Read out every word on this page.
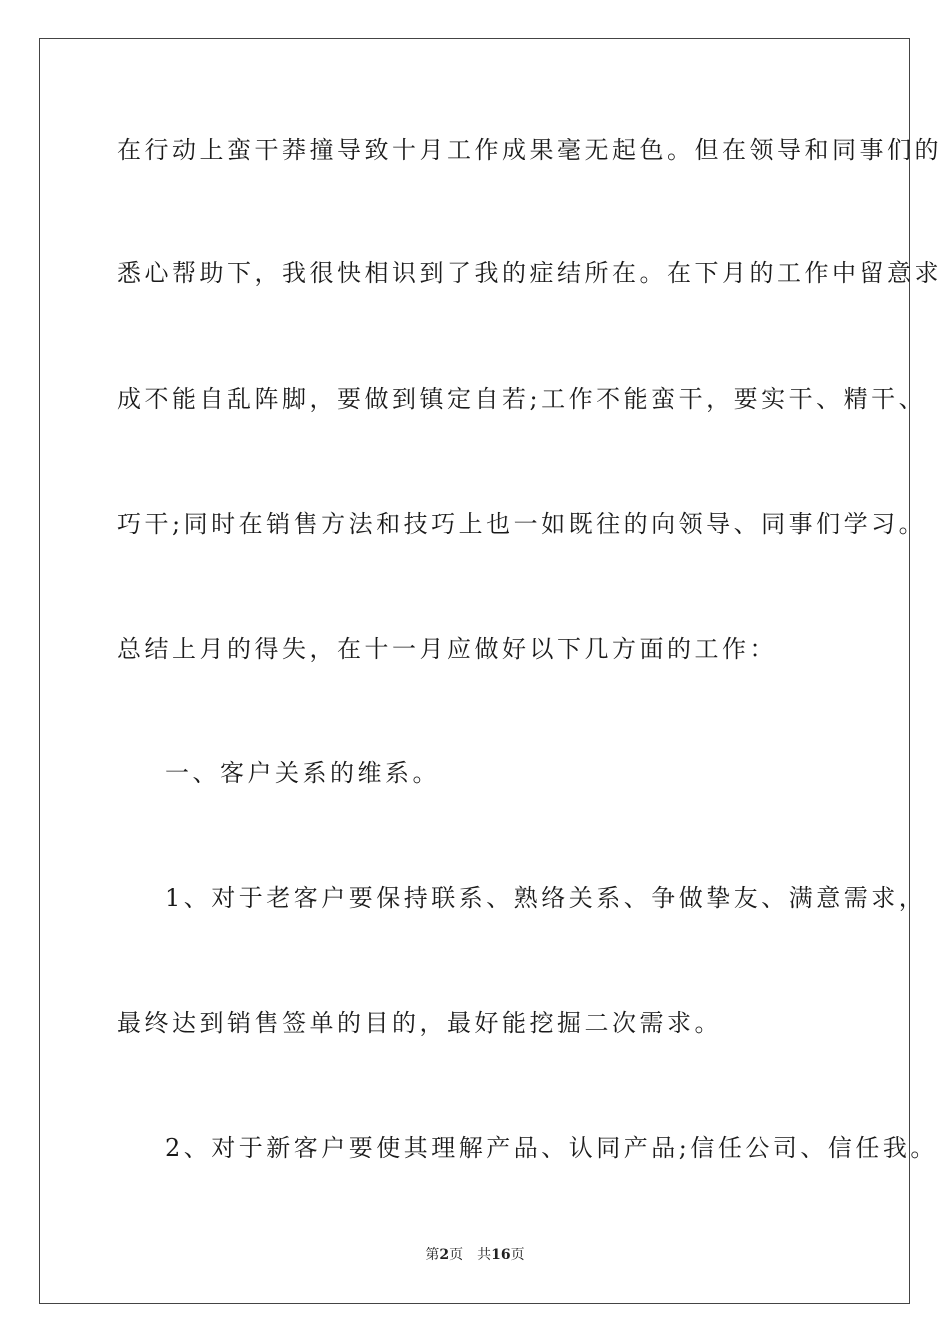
在行动上蛮干莽撞导致十月工作成果毫无起色。但在领导和同事们的
悉心帮助下，我很快相识到了我的症结所在。在下月的工作中留意求
成不能自乱阵脚，要做到镇定自若;工作不能蛮干，要实干、精干、
巧干;同时在销售方法和技巧上也一如既往的向领导、同事们学习。
总结上月的得失，在十一月应做好以下几方面的工作：
一、客户关系的维系。
1、对于老客户要保持联系、熟络关系、争做挚友、满意需求，
最终达到销售签单的目的，最好能挖掘二次需求。
2、对于新客户要使其理解产品、认同产品;信任公司、信任我。
第2页 共16页
